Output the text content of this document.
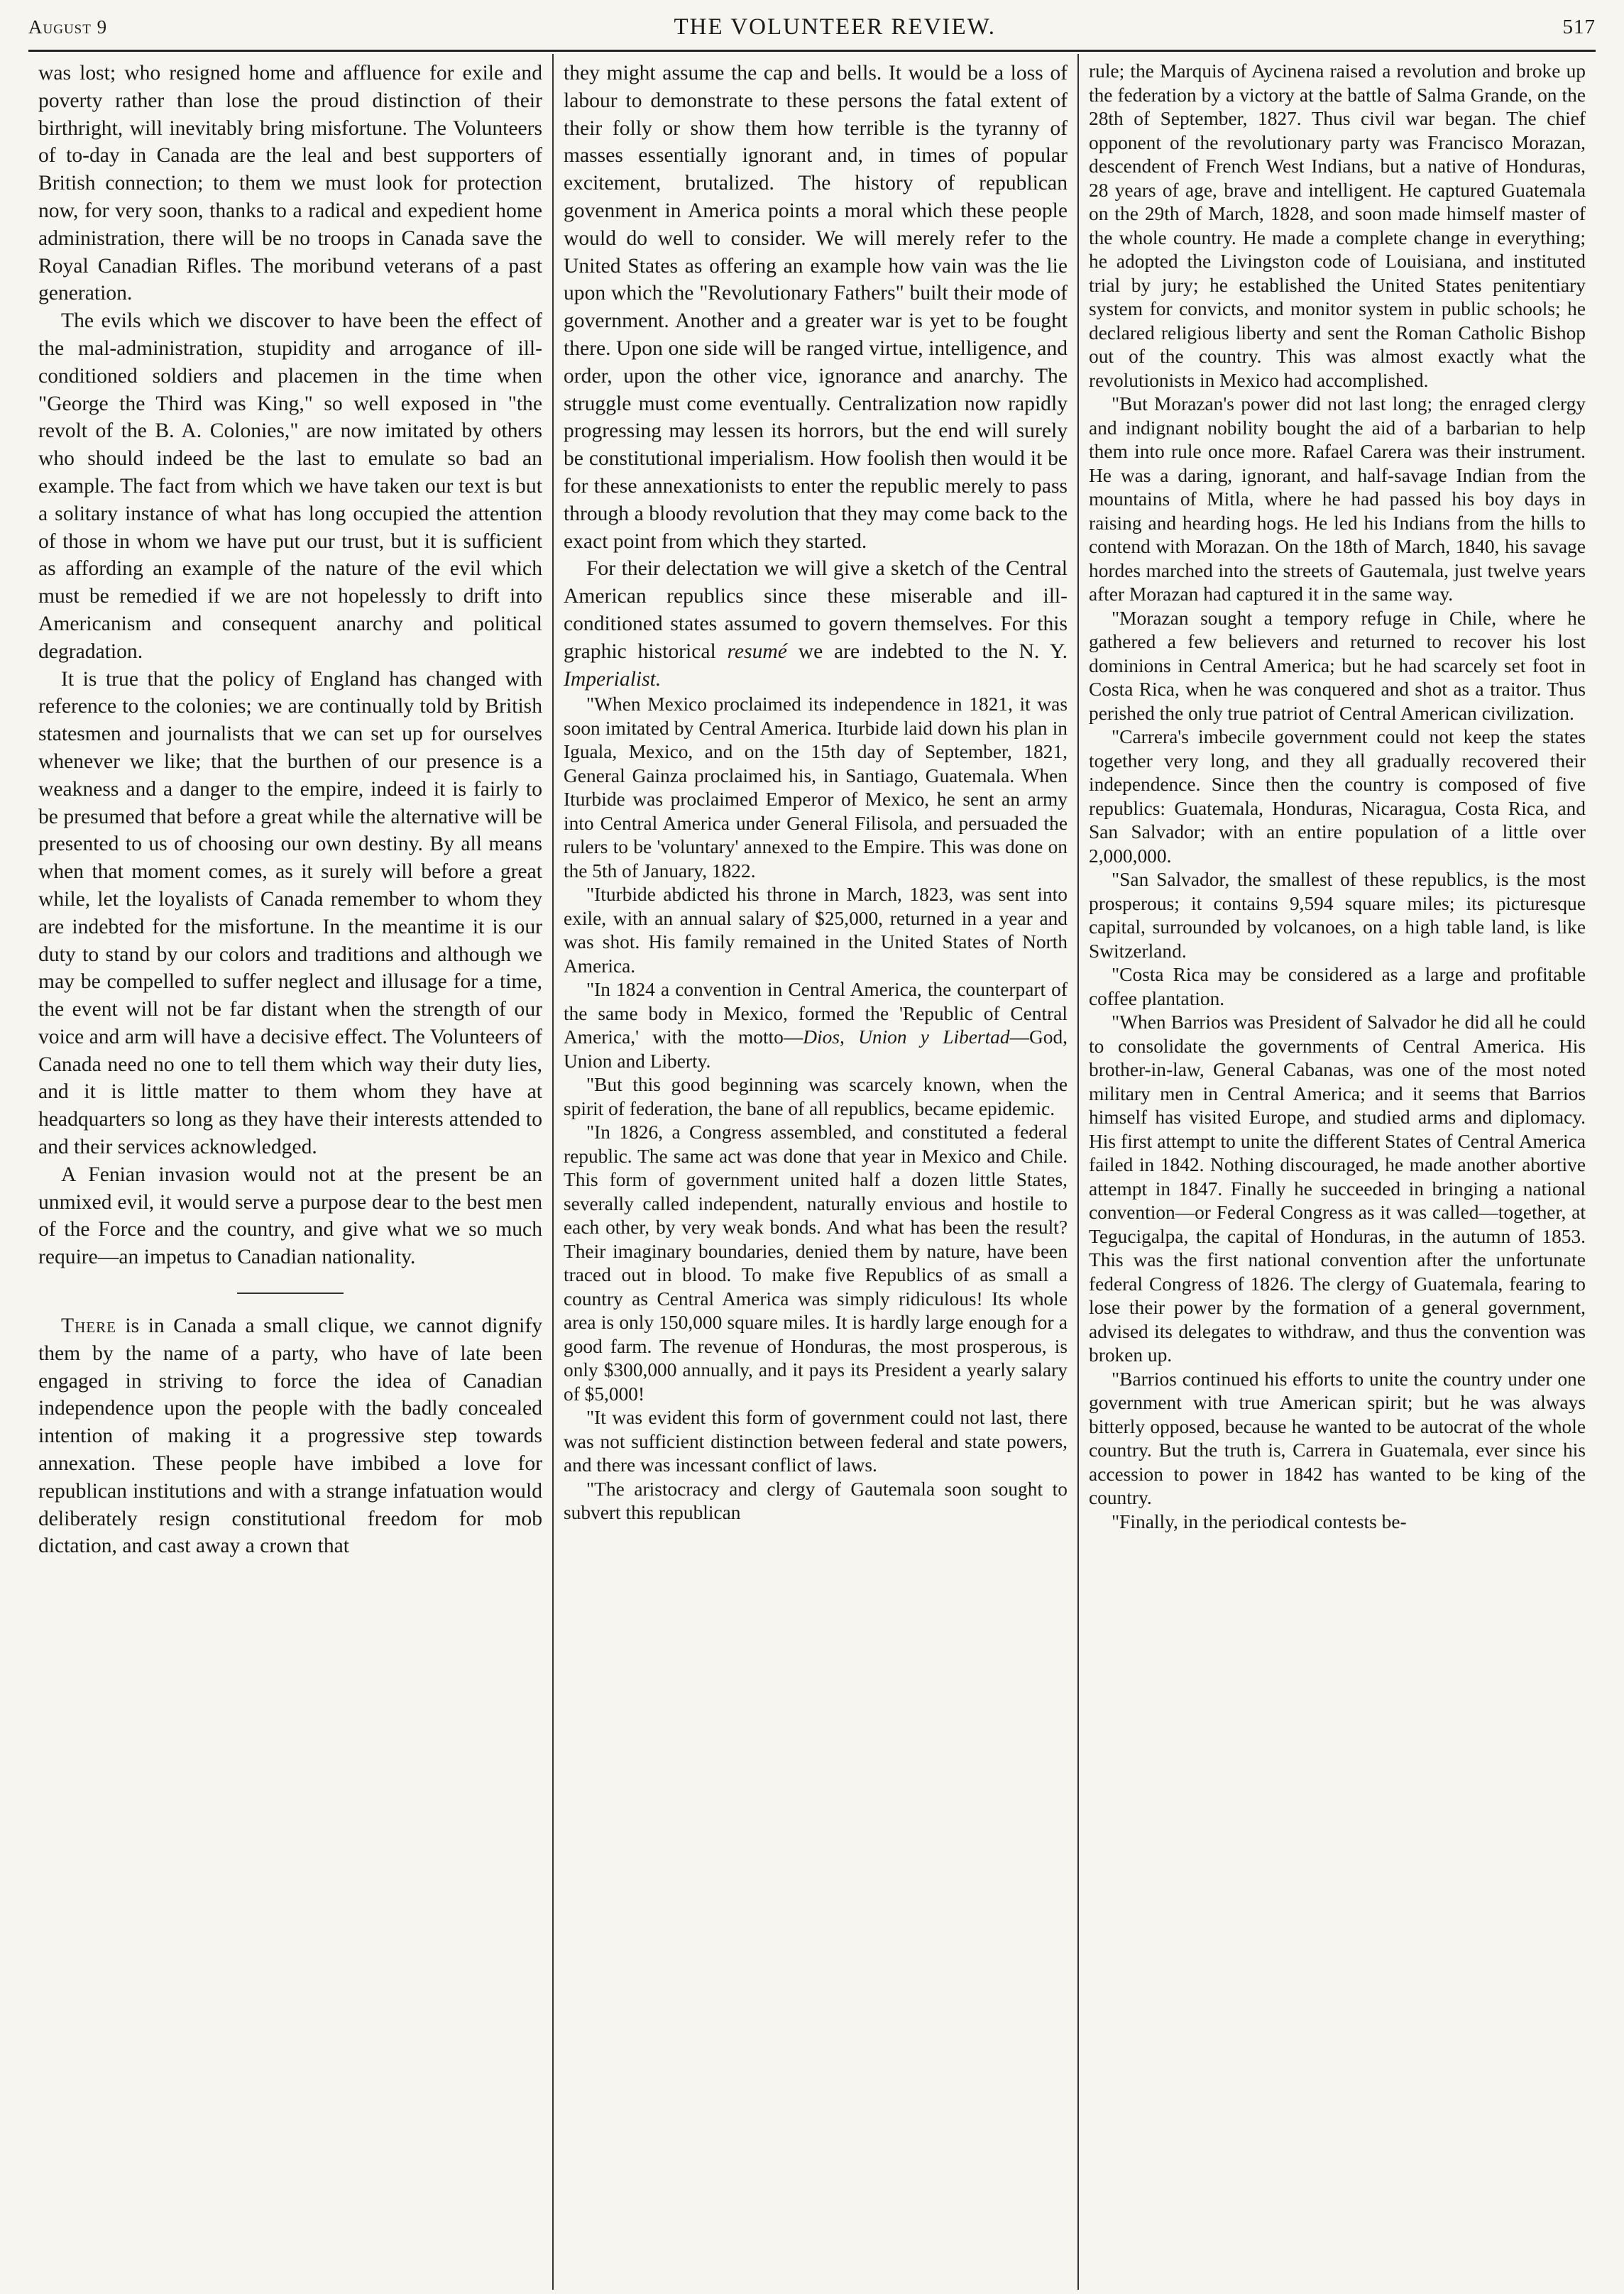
August 9	THE VOLUNTEER REVIEW.	517

was lost; who resigned home and affluence for exile and poverty rather than lose the proud distinction of their birthright, will inevitably bring misfortune. The Volunteers of to-day in Canada are the leal and best supporters of British connection; to them we must look for protection now, for very soon, thanks to a radical and expedient home administration, there will be no troops in Canada save the Royal Canadian Rifles. The moribund veterans of a past generation.

The evils which we discover to have been the effect of the mal-administration, stupidity and arrogance of ill-conditioned soldiers and placemen in the time when "George the Third was King," so well exposed in "the revolt of the B. A. Colonies," are now imitated by others who should indeed be the last to emulate so bad an example. The fact from which we have taken our text is but a solitary instance of what has long occupied the attention of those in whom we have put our trust, but it is sufficient as affording an example of the nature of the evil which must be remedied if we are not hopelessly to drift into Americanism and consequent anarchy and political degradation.

It is true that the policy of England has changed with reference to the colonies; we are continually told by British statesmen and journalists that we can set up for ourselves whenever we like; that the burthen of our presence is a weakness and a danger to the empire, indeed it is fairly to be presumed that before a great while the alternative will be presented to us of choosing our own destiny. By all means when that moment comes, as it surely will before a great while, let the loyalists of Canada remember to whom they are indebted for the misfortune. In the meantime it is our duty to stand by our colors and traditions and although we may be compelled to suffer neglect and illusage for a time, the event will not be far distant when the strength of our voice and arm will have a decisive effect. The Volunteers of Canada need no one to tell them which way their duty lies, and it is little matter to them whom they have at headquarters so long as they have their interests attended to and their services acknowledged.

A Fenian invasion would not at the present be an unmixed evil, it would serve a purpose dear to the best men of the Force and the country, and give what we so much require—an impetus to Canadian nationality.

There is in Canada a small clique, we cannot dignify them by the name of a party, who have of late been engaged in striving to force the idea of Canadian independence upon the people with the badly concealed intention of making it a progressive step towards annexation. These people have imbibed a love for republican institutions and with a strange infatuation would deliberately resign constitutional freedom for mob dictation, and cast away a crown that

they might assume the cap and bells. It would be a loss of labour to demonstrate to these persons the fatal extent of their folly or show them how terrible is the tyranny of masses essentially ignorant and, in times of popular excitement, brutalized. The history of republican govenment in America points a moral which these people would do well to consider. We will merely refer to the United States as offering an example how vain was the lie upon which the "Revolutionary Fathers" built their mode of government. Another and a greater war is yet to be fought there. Upon one side will be ranged virtue, intelligence, and order, upon the other vice, ignorance and anarchy. The struggle must come eventually. Centralization now rapidly progressing may lessen its horrors, but the end will surely be constitutional imperialism. How foolish then would it be for these annexationists to enter the republic merely to pass through a bloody revolution that they may come back to the exact point from which they started.

For their delectation we will give a sketch of the Central American republics since these miserable and ill-conditioned states assumed to govern themselves. For this graphic historical resumé we are indebted to the N. Y. Imperialist.

"When Mexico proclaimed its independence in 1821, it was soon imitated by Central America. Iturbide laid down his plan in Iguala, Mexico, and on the 15th day of September, 1821, General Gainza proclaimed his, in Santiago, Guatemala. When Iturbide was proclaimed Emperor of Mexico, he sent an army into Central America under General Filisola, and persuaded the rulers to be 'voluntary' annexed to the Empire. This was done on the 5th of January, 1822.

"Iturbide abdicted his throne in March, 1823, was sent into exile, with an annual salary of $25,000, returned in a year and was shot. His family remained in the United States of North America.

"In 1824 a convention in Central America, the counterpart of the same body in Mexico, formed the 'Republic of Central America,' with the motto—Dios, Union y Libertad—God, Union and Liberty.

"But this good beginning was scarcely known, when the spirit of federation, the bane of all republics, became epidemic.

"In 1826, a Congress assembled, and constituted a federal republic. The same act was done that year in Mexico and Chile. This form of government united half a dozen little States, severally called independent, naturally envious and hostile to each other, by very weak bonds. And what has been the result? Their imaginary boundaries, denied them by nature, have been traced out in blood. To make five Republics of as small a country as Central America was simply ridiculous! Its whole area is only 150,000 square miles. It is hardly large enough for a good farm. The revenue of Honduras, the most prosperous, is only $300,000 annually, and it pays its President a yearly salary of $5,000!

"It was evident this form of government could not last, there was not sufficient distinction between federal and state powers, and there was incessant conflict of laws.

"The aristocracy and clergy of Gautemala soon sought to subvert this republican

rule; the Marquis of Aycinena raised a revolution and broke up the federation by a victory at the battle of Salma Grande, on the 28th of September, 1827. Thus civil war began. The chief opponent of the revolutionary party was Francisco Morazan, descendent of French West Indians, but a native of Honduras, 28 years of age, brave and intelligent. He captured Guatemala on the 29th of March, 1828, and soon made himself master of the whole country. He made a complete change in everything; he adopted the Livingston code of Louisiana, and instituted trial by jury; he established the United States penitentiary system for convicts, and monitor system in public schools; he declared religious liberty and sent the Roman Catholic Bishop out of the country. This was almost exactly what the revolutionists in Mexico had accomplished.

"But Morazan's power did not last long; the enraged clergy and indignant nobility bought the aid of a barbarian to help them into rule once more. Rafael Carera was their instrument. He was a daring, ignorant, and half-savage Indian from the mountains of Mitla, where he had passed his boy days in raising and hearding hogs. He led his Indians from the hills to contend with Morazan. On the 18th of March, 1840, his savage hordes marched into the streets of Gautemala, just twelve years after Morazan had captured it in the same way.

"Morazan sought a tempory refuge in Chile, where he gathered a few believers and returned to recover his lost dominions in Central America; but he had scarcely set foot in Costa Rica, when he was conquered and shot as a traitor. Thus perished the only true patriot of Central American civilization.

"Carrera's imbecile government could not keep the states together very long, and they all gradually recovered their independence. Since then the country is composed of five republics: Guatemala, Honduras, Nicaragua, Costa Rica, and San Salvador; with an entire population of a little over 2,000,000.

"San Salvador, the smallest of these republics, is the most prosperous; it contains 9,594 square miles; its picturesque capital, surrounded by volcanoes, on a high table land, is like Switzerland.

"Costa Rica may be considered as a large and profitable coffee plantation.

"When Barrios was President of Salvador he did all he could to consolidate the governments of Central America. His brother-in-law, General Cabanas, was one of the most noted military men in Central America; and it seems that Barrios himself has visited Europe, and studied arms and diplomacy. His first attempt to unite the different States of Central America failed in 1842. Nothing discouraged, he made another abortive attempt in 1847. Finally he succeeded in bringing a national convention—or Federal Congress as it was called—together, at Tegucigalpa, the capital of Honduras, in the autumn of 1853. This was the first national convention after the unfortunate federal Congress of 1826. The clergy of Guatemala, fearing to lose their power by the formation of a general government, advised its delegates to withdraw, and thus the convention was broken up.

"Barrios continued his efforts to unite the country under one government with true American spirit; but he was always bitterly opposed, because he wanted to be autocrat of the whole country. But the truth is, Carrera in Guatemala, ever since his accession to power in 1842 has wanted to be king of the country.

"Finally, in the periodical contests be-
